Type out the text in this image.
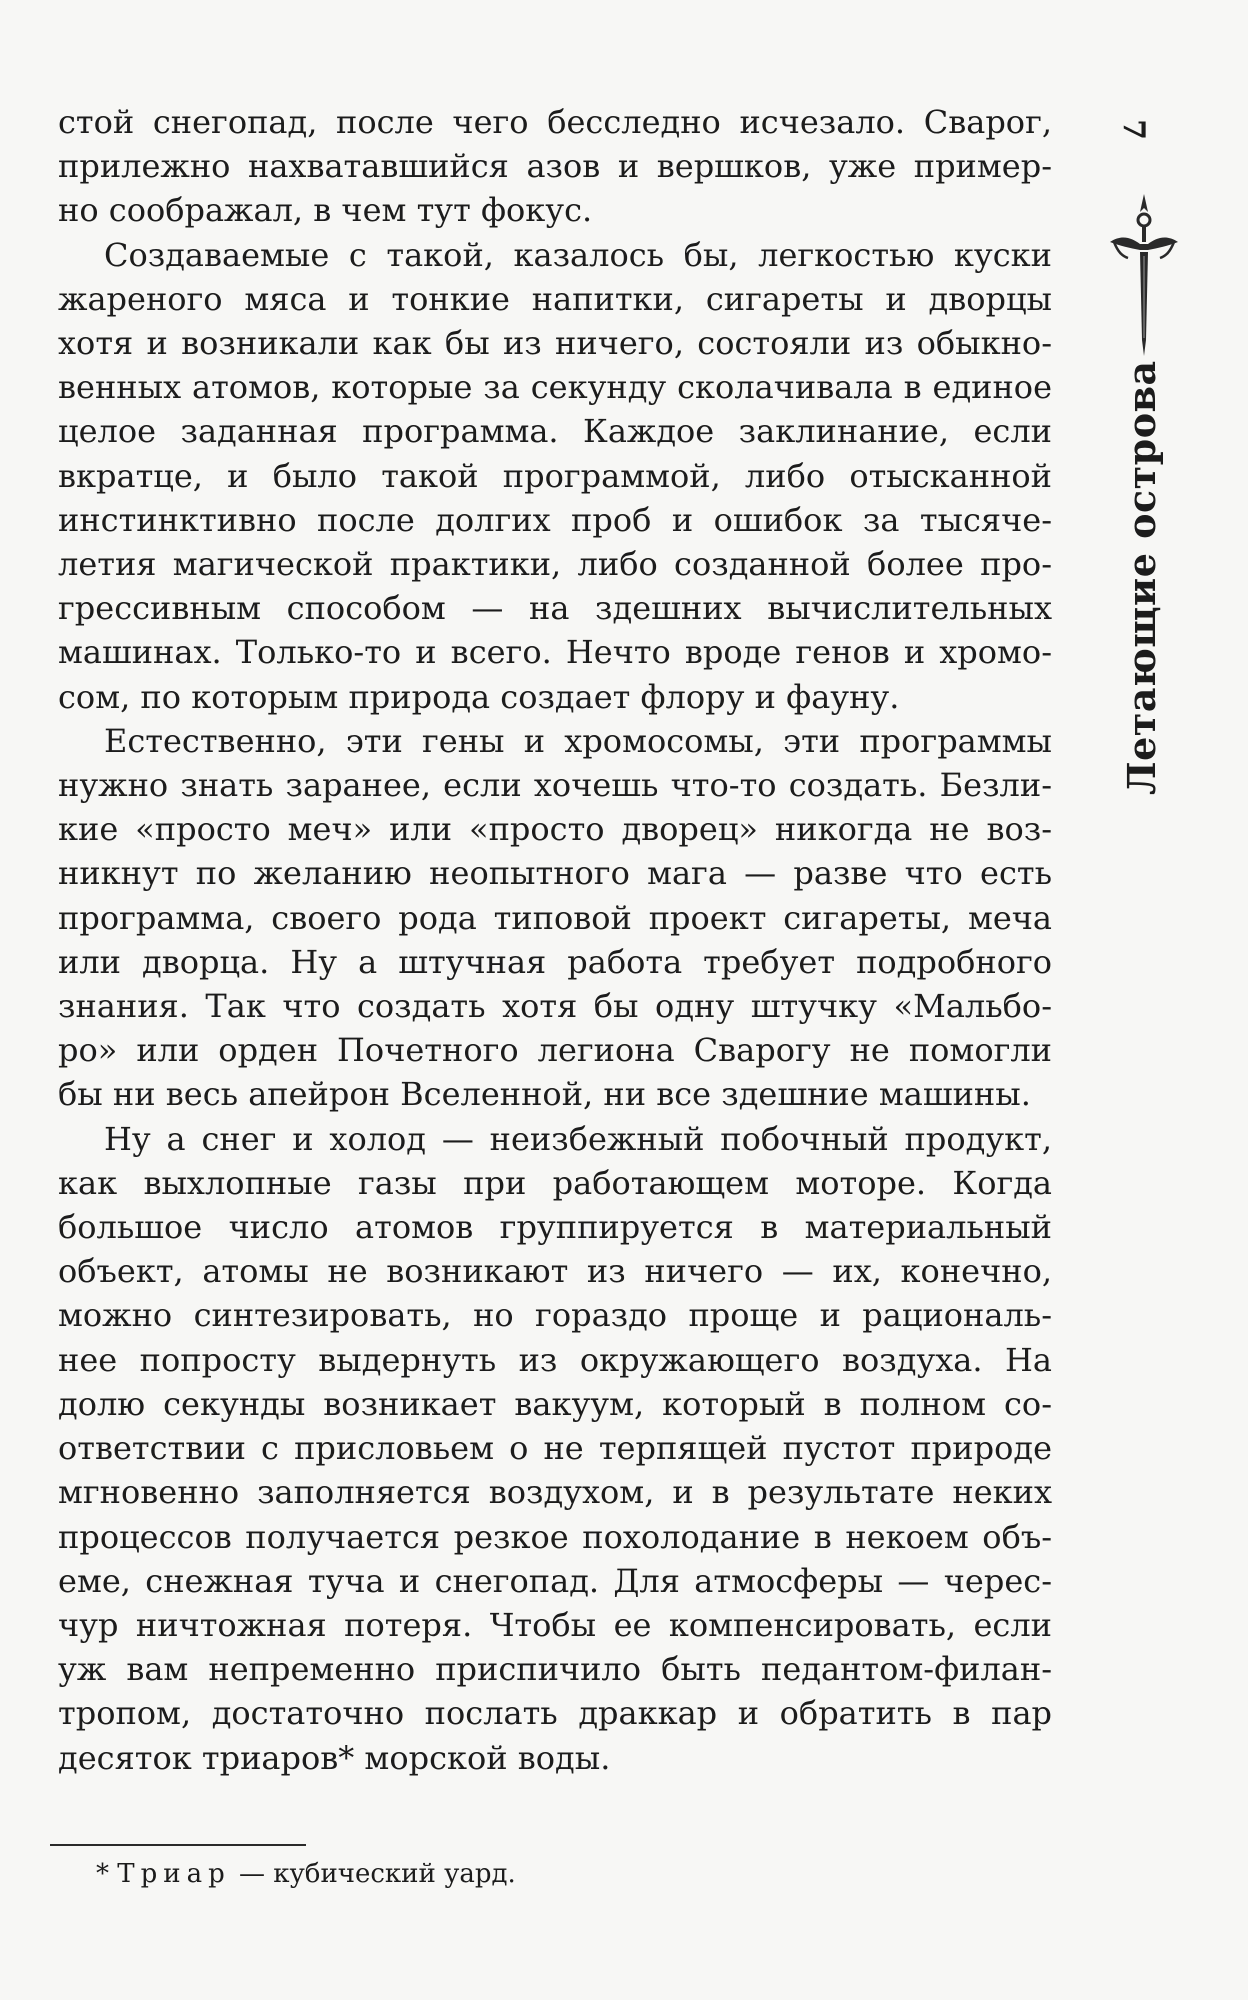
стой снегопад, после чего бесследно исчезало. Сварог,
прилежно нахватавшийся азов и вершков, уже пример-
но соображал, в чем тут фокус.
Создаваемые с такой, казалось бы, легкостью куски
жареного мяса и тонкие напитки, сигареты и дворцы
хотя и возникали как бы из ничего, состояли из обыкно-
венных атомов, которые за секунду сколачивала в единое
целое заданная программа. Каждое заклинание, если
вкратце, и было такой программой, либо отысканной
инстинктивно после долгих проб и ошибок за тысяче-
летия магической практики, либо созданной более про-
грессивным способом — на здешних вычислительных
машинах. Только-то и всего. Нечто вроде генов и хромо-
сом, по которым природа создает флору и фауну.
Естественно, эти гены и хромосомы, эти программы
нужно знать заранее, если хочешь что-то создать. Безли-
кие «просто меч» или «просто дворец» никогда не воз-
никнут по желанию неопытного мага — разве что есть
программа, своего рода типовой проект сигареты, меча
или дворца. Ну а штучная работа требует подробного
знания. Так что создать хотя бы одну штучку «Мальбо-
ро» или орден Почетного легиона Сварогу не помогли
бы ни весь апейрон Вселенной, ни все здешние машины.
Ну а снег и холод — неизбежный побочный продукт,
как выхлопные газы при работающем моторе. Когда
большое число атомов группируется в материальный
объект, атомы не возникают из ничего — их, конечно,
можно синтезировать, но гораздо проще и рациональ-
нее попросту выдернуть из окружающего воздуха. На
долю секунды возникает вакуум, который в полном со-
ответствии с присловьем о не терпящей пустот природе
мгновенно заполняется воздухом, и в результате неких
процессов получается резкое похолодание в некоем объ-
еме, снежная туча и снегопад. Для атмосферы — черес-
чур ничтожная потеря. Чтобы ее компенсировать, если
уж вам непременно приспичило быть педантом-филан-
тропом, достаточно послать драккар и обратить в пар
десяток триаров* морской воды.
* Триар — кубический уард.
7
Летающие острова
